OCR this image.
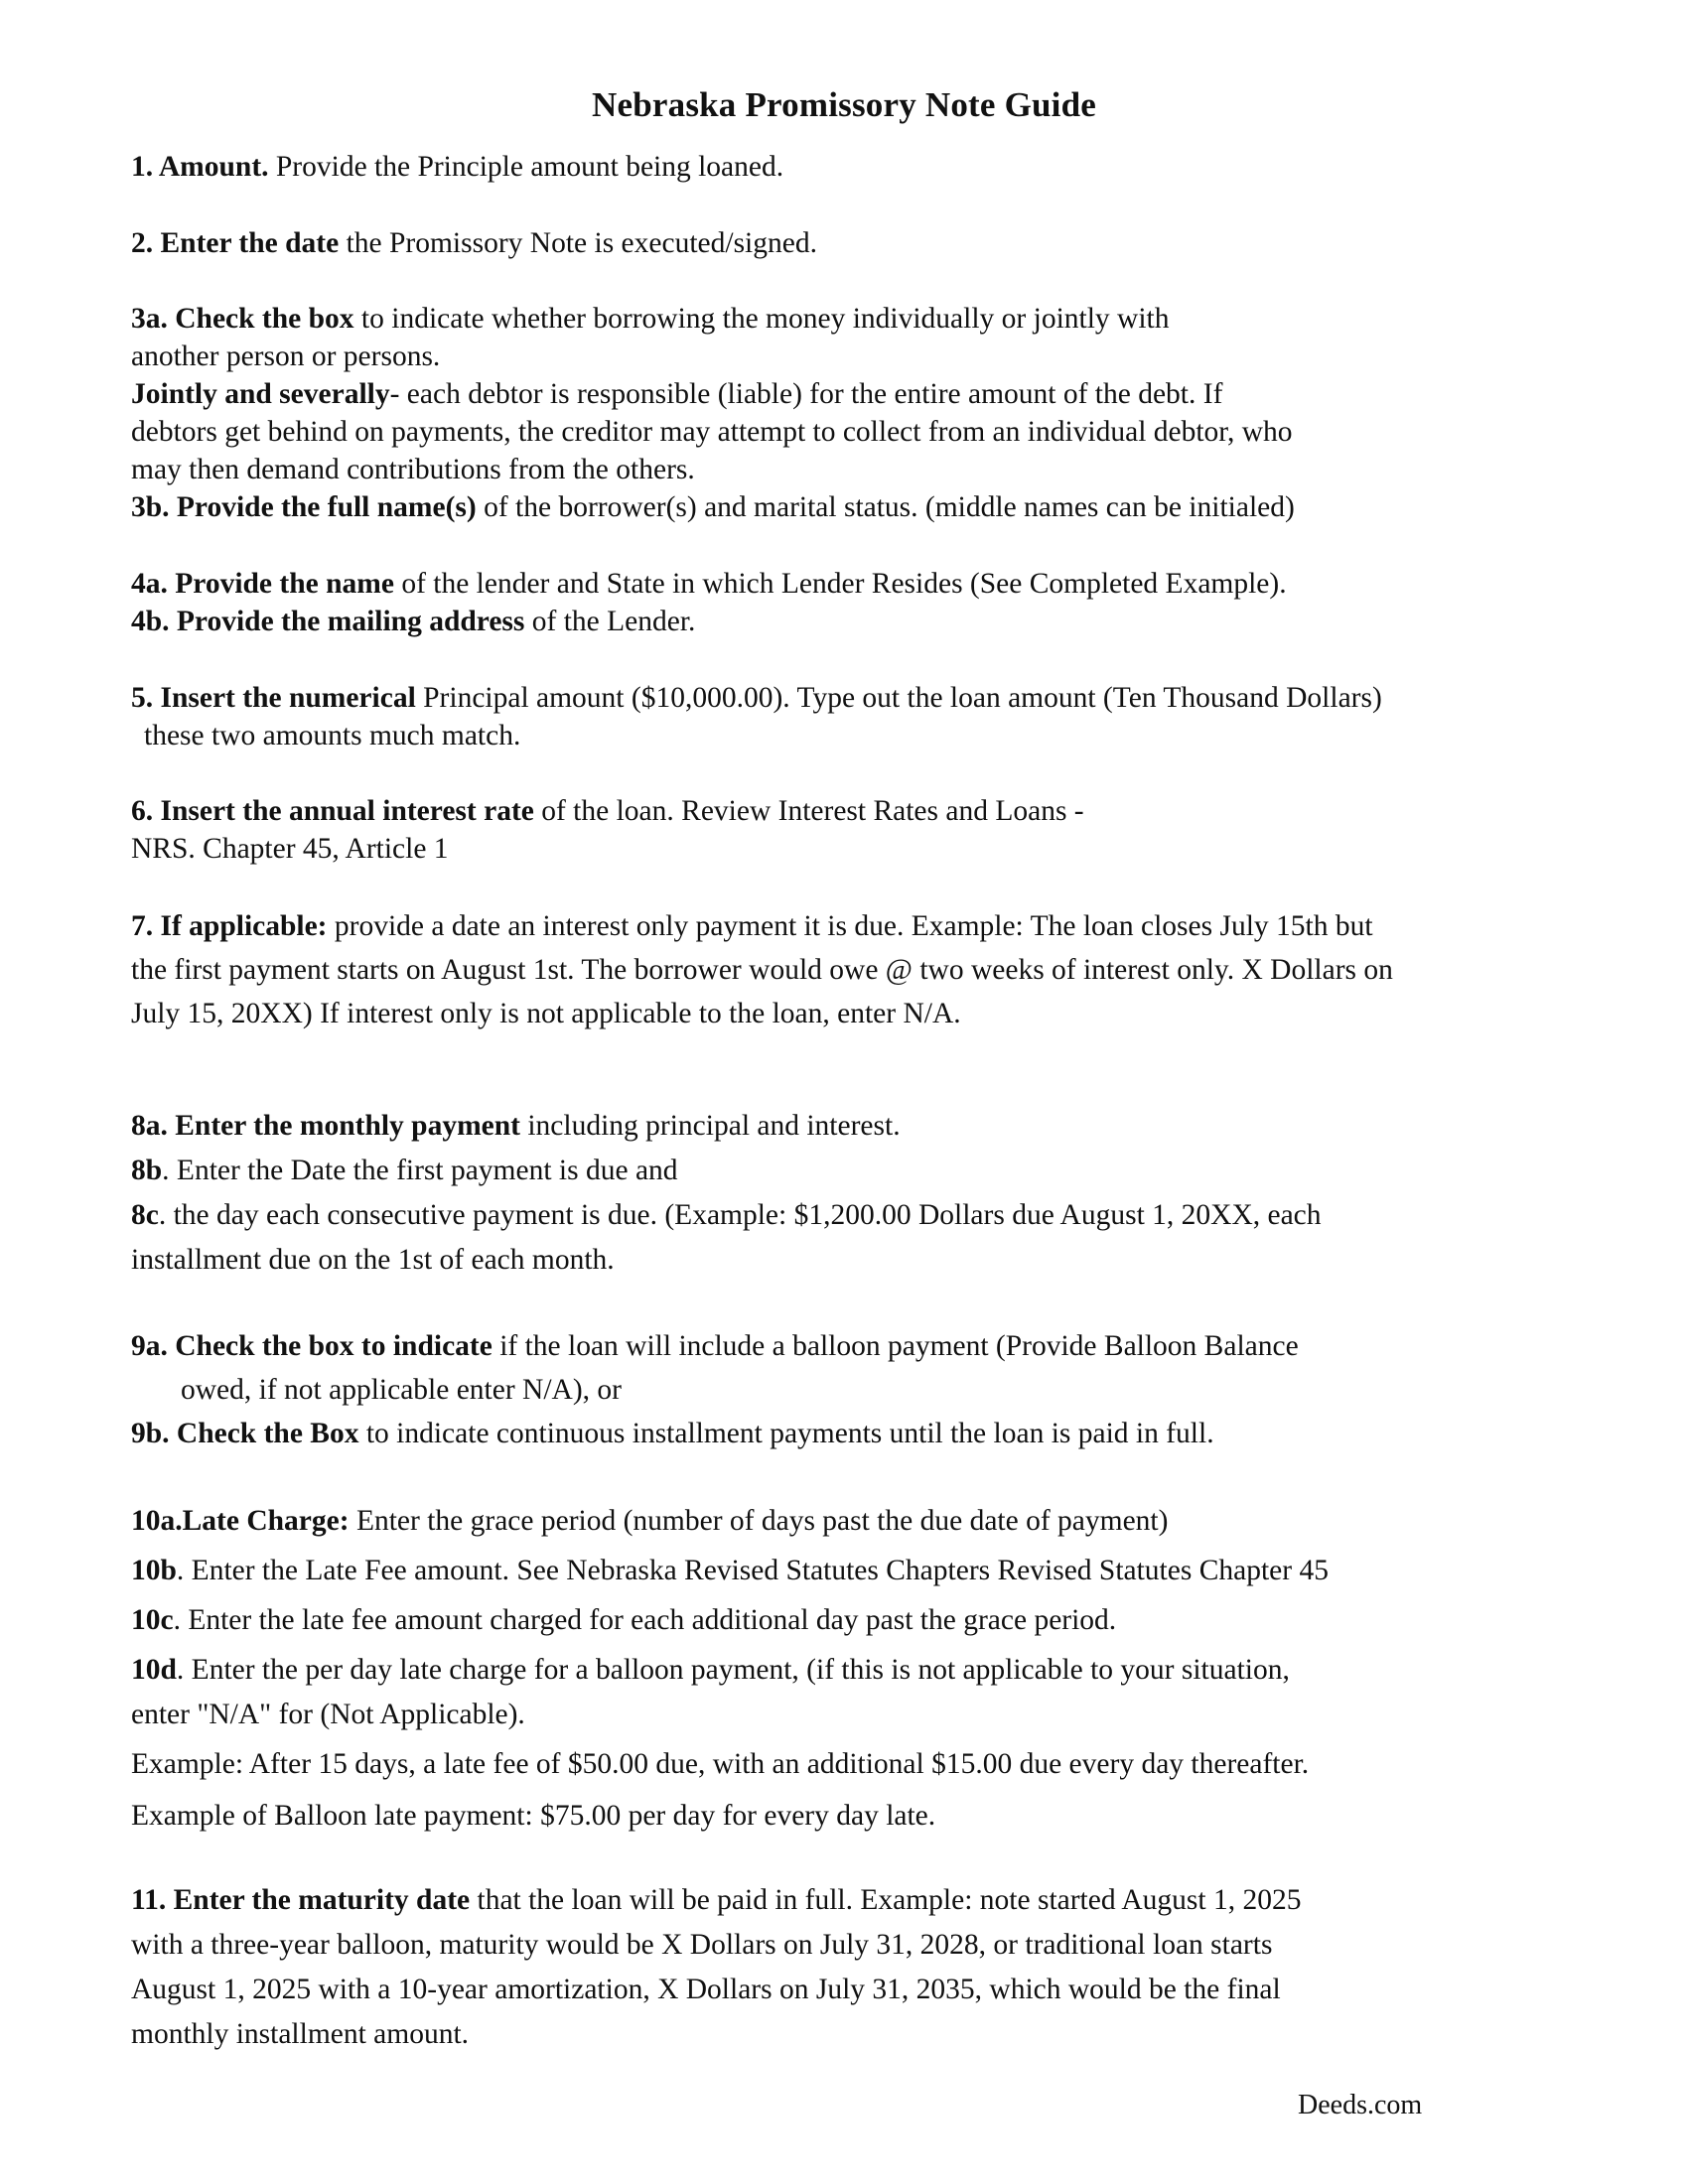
Nebraska Promissory Note Guide
1. Amount. Provide the Principle amount being loaned.
2. Enter the date the Promissory Note is executed/signed.
3a. Check the box to indicate whether borrowing the money individually or jointly with
another person or persons.
Jointly and severally- each debtor is responsible (liable) for the entire amount of the debt. If
debtors get behind on payments, the creditor may attempt to collect from an individual debtor, who
may then demand contributions from the others.
3b. Provide the full name(s) of the borrower(s) and marital status. (middle names can be initialed)
4a. Provide the name of the lender and State in which Lender Resides (See Completed Example).
4b. Provide the mailing address of the Lender.
5. Insert the numerical Principal amount ($10,000.00). Type out the loan amount (Ten Thousand Dollars)
these two amounts much match.
6. Insert the annual interest rate of the loan. Review Interest Rates and Loans -
NRS. Chapter 45, Article 1
7. If applicable: provide a date an interest only payment it is due. Example: The loan closes July 15th but
the first payment starts on August 1st. The borrower would owe @ two weeks of interest only. X Dollars on
July 15, 20XX) If interest only is not applicable to the loan, enter N/A.
8a. Enter the monthly payment including principal and interest.
8b. Enter the Date the first payment is due and
8c. the day each consecutive payment is due. (Example: $1,200.00 Dollars due August 1, 20XX, each
installment due on the 1st of each month.
9a. Check the box to indicate if the loan will include a balloon payment (Provide Balloon Balance
owed, if not applicable enter N/A), or
9b. Check the Box to indicate continuous installment payments until the loan is paid in full.
10a.Late Charge: Enter the grace period (number of days past the due date of payment)
10b. Enter the Late Fee amount. See Nebraska Revised Statutes Chapters Revised Statutes Chapter 45
10c. Enter the late fee amount charged for each additional day past the grace period.
10d. Enter the per day late charge for a balloon payment, (if this is not applicable to your situation,
enter "N/A" for (Not Applicable).
Example: After 15 days, a late fee of $50.00 due, with an additional $15.00 due every day thereafter.
Example of Balloon late payment: $75.00 per day for every day late.
11. Enter the maturity date that the loan will be paid in full. Example: note started August 1, 2025
with a three-year balloon, maturity would be X Dollars on July 31, 2028, or traditional loan starts
August 1, 2025 with a 10-year amortization, X Dollars on July 31, 2035, which would be the final
monthly installment amount.
Deeds.com
